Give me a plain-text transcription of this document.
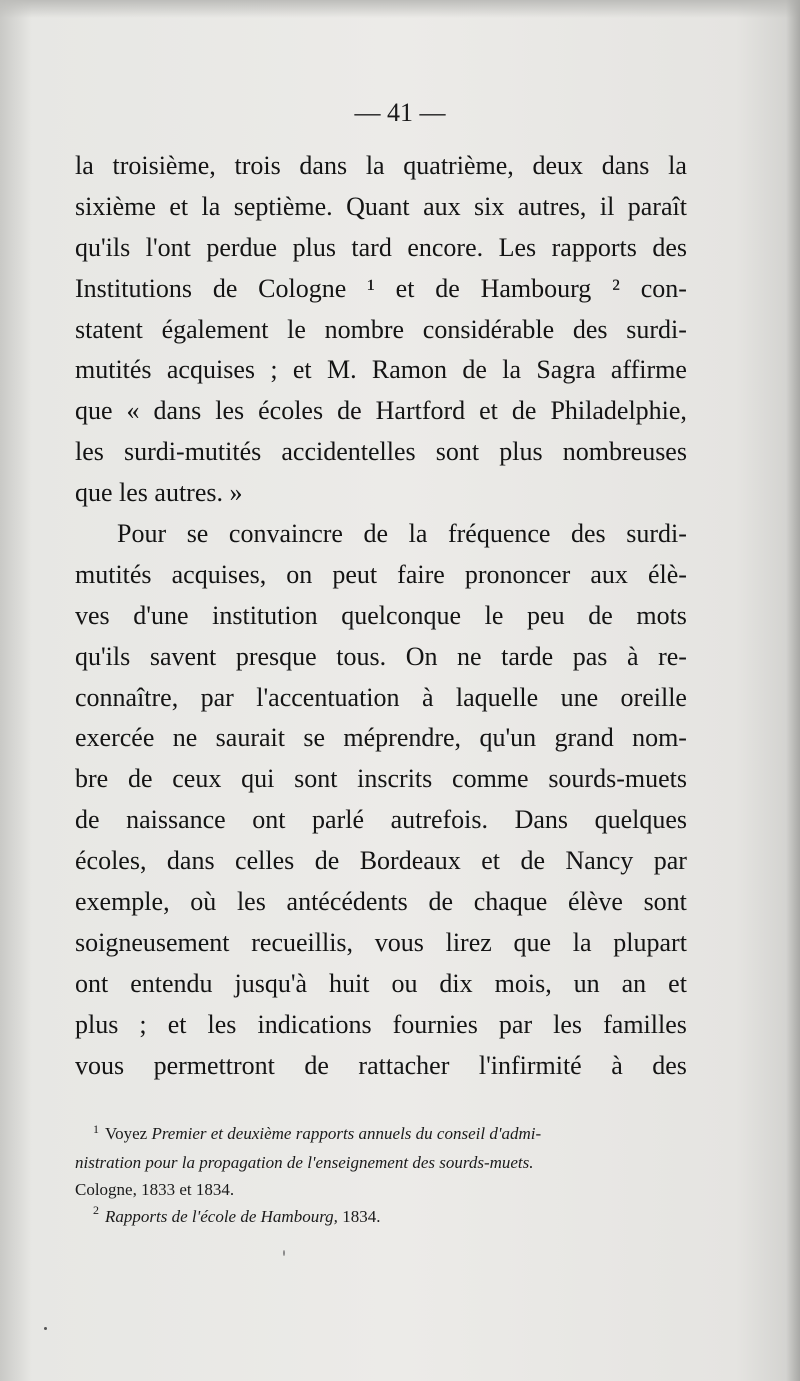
— 41 —
la troisième, trois dans la quatrième, deux dans la
sixième et la septième. Quant aux six autres, il paraît
qu'ils l'ont perdue plus tard encore. Les rapports des
Institutions de Cologne ¹ et de Hambourg ² con-
statent également le nombre considérable des surdi-
mutités acquises ; et M. Ramon de la Sagra affirme
que « dans les écoles de Hartford et de Philadelphie,
les surdi-mutités accidentelles sont plus nombreuses
que les autres. »
Pour se convaincre de la fréquence des surdi-
mutités acquises, on peut faire prononcer aux élè-
ves d'une institution quelconque le peu de mots
qu'ils savent presque tous. On ne tarde pas à re-
connaître, par l'accentuation à laquelle une oreille
exercée ne saurait se méprendre, qu'un grand nom-
bre de ceux qui sont inscrits comme sourds-muets
de naissance ont parlé autrefois. Dans quelques
écoles, dans celles de Bordeaux et de Nancy par
exemple, où les antécédents de chaque élève sont
soigneusement recueillis, vous lirez que la plupart
ont entendu jusqu'à huit ou dix mois, un an et
plus ; et les indications fournies par les familles
vous permettront de rattacher l'infirmité à des
$^1$ Voyez Premier et deuxième rapports annuels du conseil d'admi-
nistration pour la propagation de l'enseignement des sourds-muets.
Cologne, 1833 et 1834.
2 Rapports de l'école de Hambourg,
1834.
